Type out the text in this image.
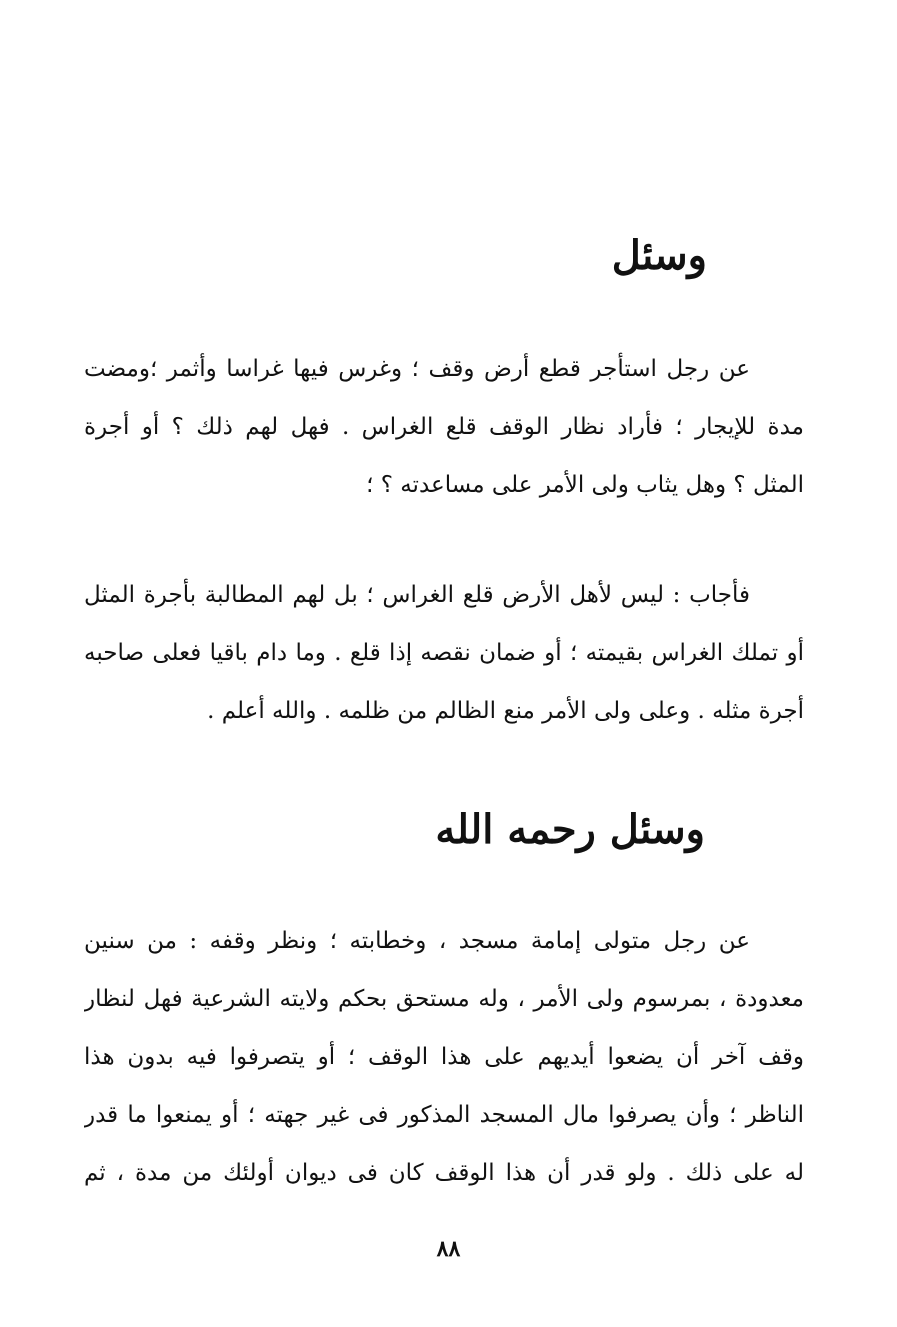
وسئل
عن رجل استأجر قطع أرض وقف ؛ وغرس فيها غراسا وأثمر ؛ومضت
مدة للإيجار ؛ فأراد نظار الوقف قلع الغراس . فهل لهم ذلك ؟ أو أجرة
المثل ؟ وهل يثاب ولى الأمر على مساعدته ؟ ؛
فأجاب : ليس لأهل الأرض قلع الغراس ؛ بل لهم المطالبة بأجرة المثل
أو تملك الغراس بقيمته ؛ أو ضمان نقصه إذا قلع . وما دام باقيا فعلى صاحبه
أجرة مثله . وعلى ولى الأمر منع الظالم من ظلمه . والله أعلم .
وسئل رحمه الله
عن رجل متولى إمامة مسجد ، وخطابته ؛ ونظر وقفه : من سنين
معدودة ، بمرسوم ولى الأمر ، وله مستحق بحكم ولايته الشرعية فهل لنظار
وقف آخر أن يضعوا أيديهم على هذا الوقف ؛ أو يتصرفوا فيه بدون هذا
الناظر ؛ وأن يصرفوا مال المسجد المذكور فى غير جهته ؛ أو يمنعوا ما قدر
له على ذلك . ولو قدر أن هذا الوقف كان فى ديوان أولئك من مدة ، ثم
٨٨
